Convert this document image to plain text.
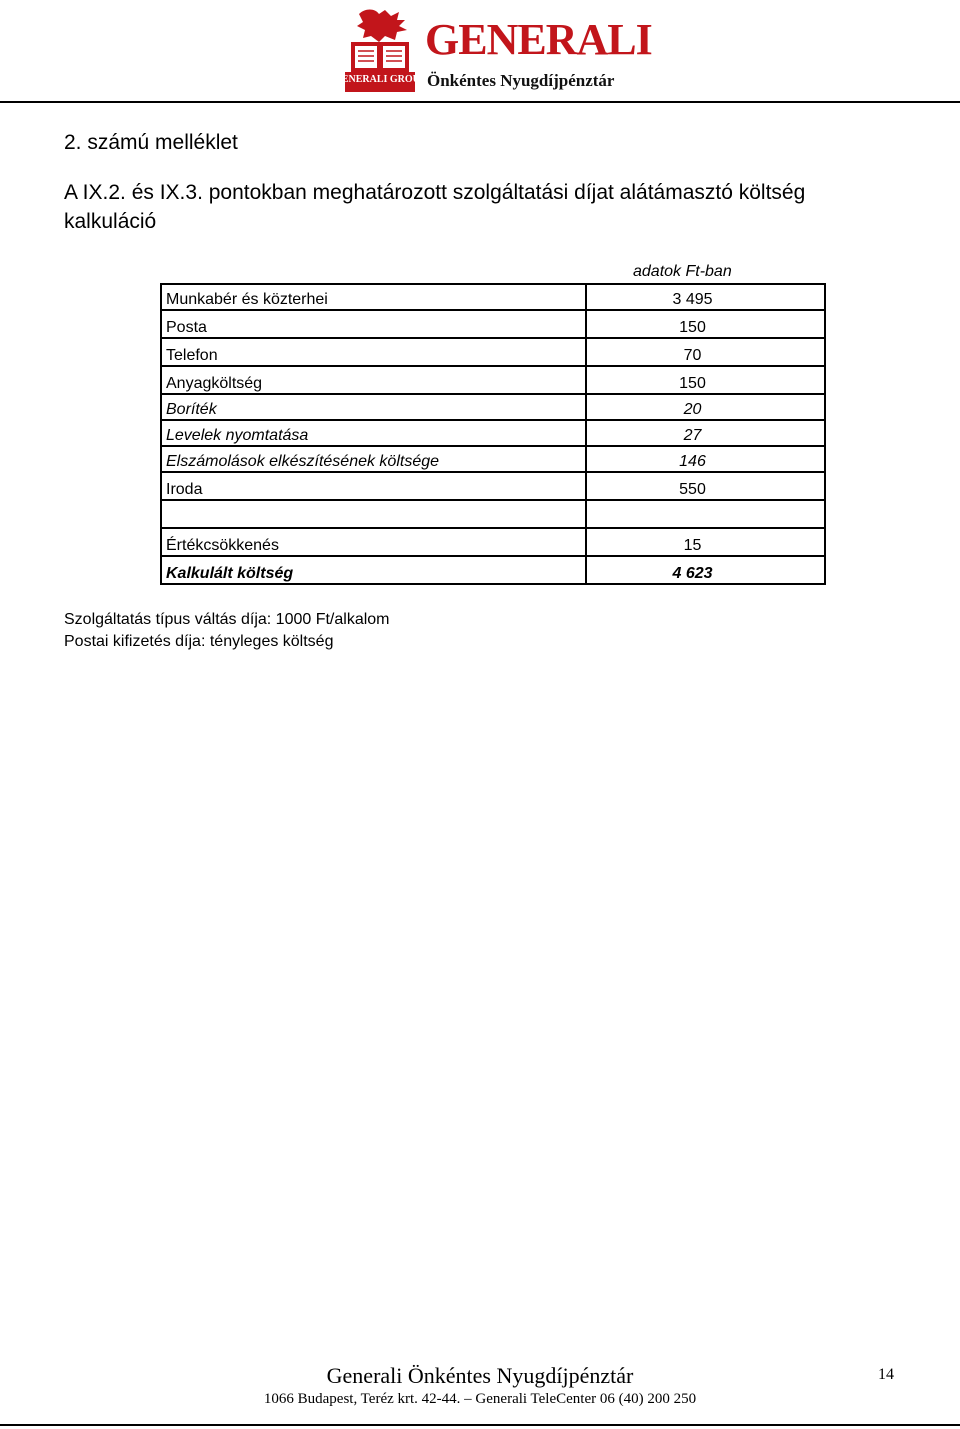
GENERALI GROUP
GENERALI
Önkéntes Nyugdíjpénztár
2. számú melléklet
A IX.2. és IX.3. pontokban meghatározott szolgáltatási díjat alátámasztó költség kalkuláció
adatok Ft-ban
Munkabér és közterhei	3 495
Posta	150
Telefon	70
Anyagköltség	150
Boríték	20
Levelek nyomtatása	27
Elszámolások elkészítésének költsége	146
Iroda	550

Értékcsökkenés	15
Kalkulált költség	4 623
Szolgáltatás típus váltás díja: 1000 Ft/alkalom
Postai kifizetés díja: tényleges költség
Generali Önkéntes Nyugdíjpénztár
1066 Budapest, Teréz krt. 42-44. – Generali TeleCenter 06 (40) 200 250
14
